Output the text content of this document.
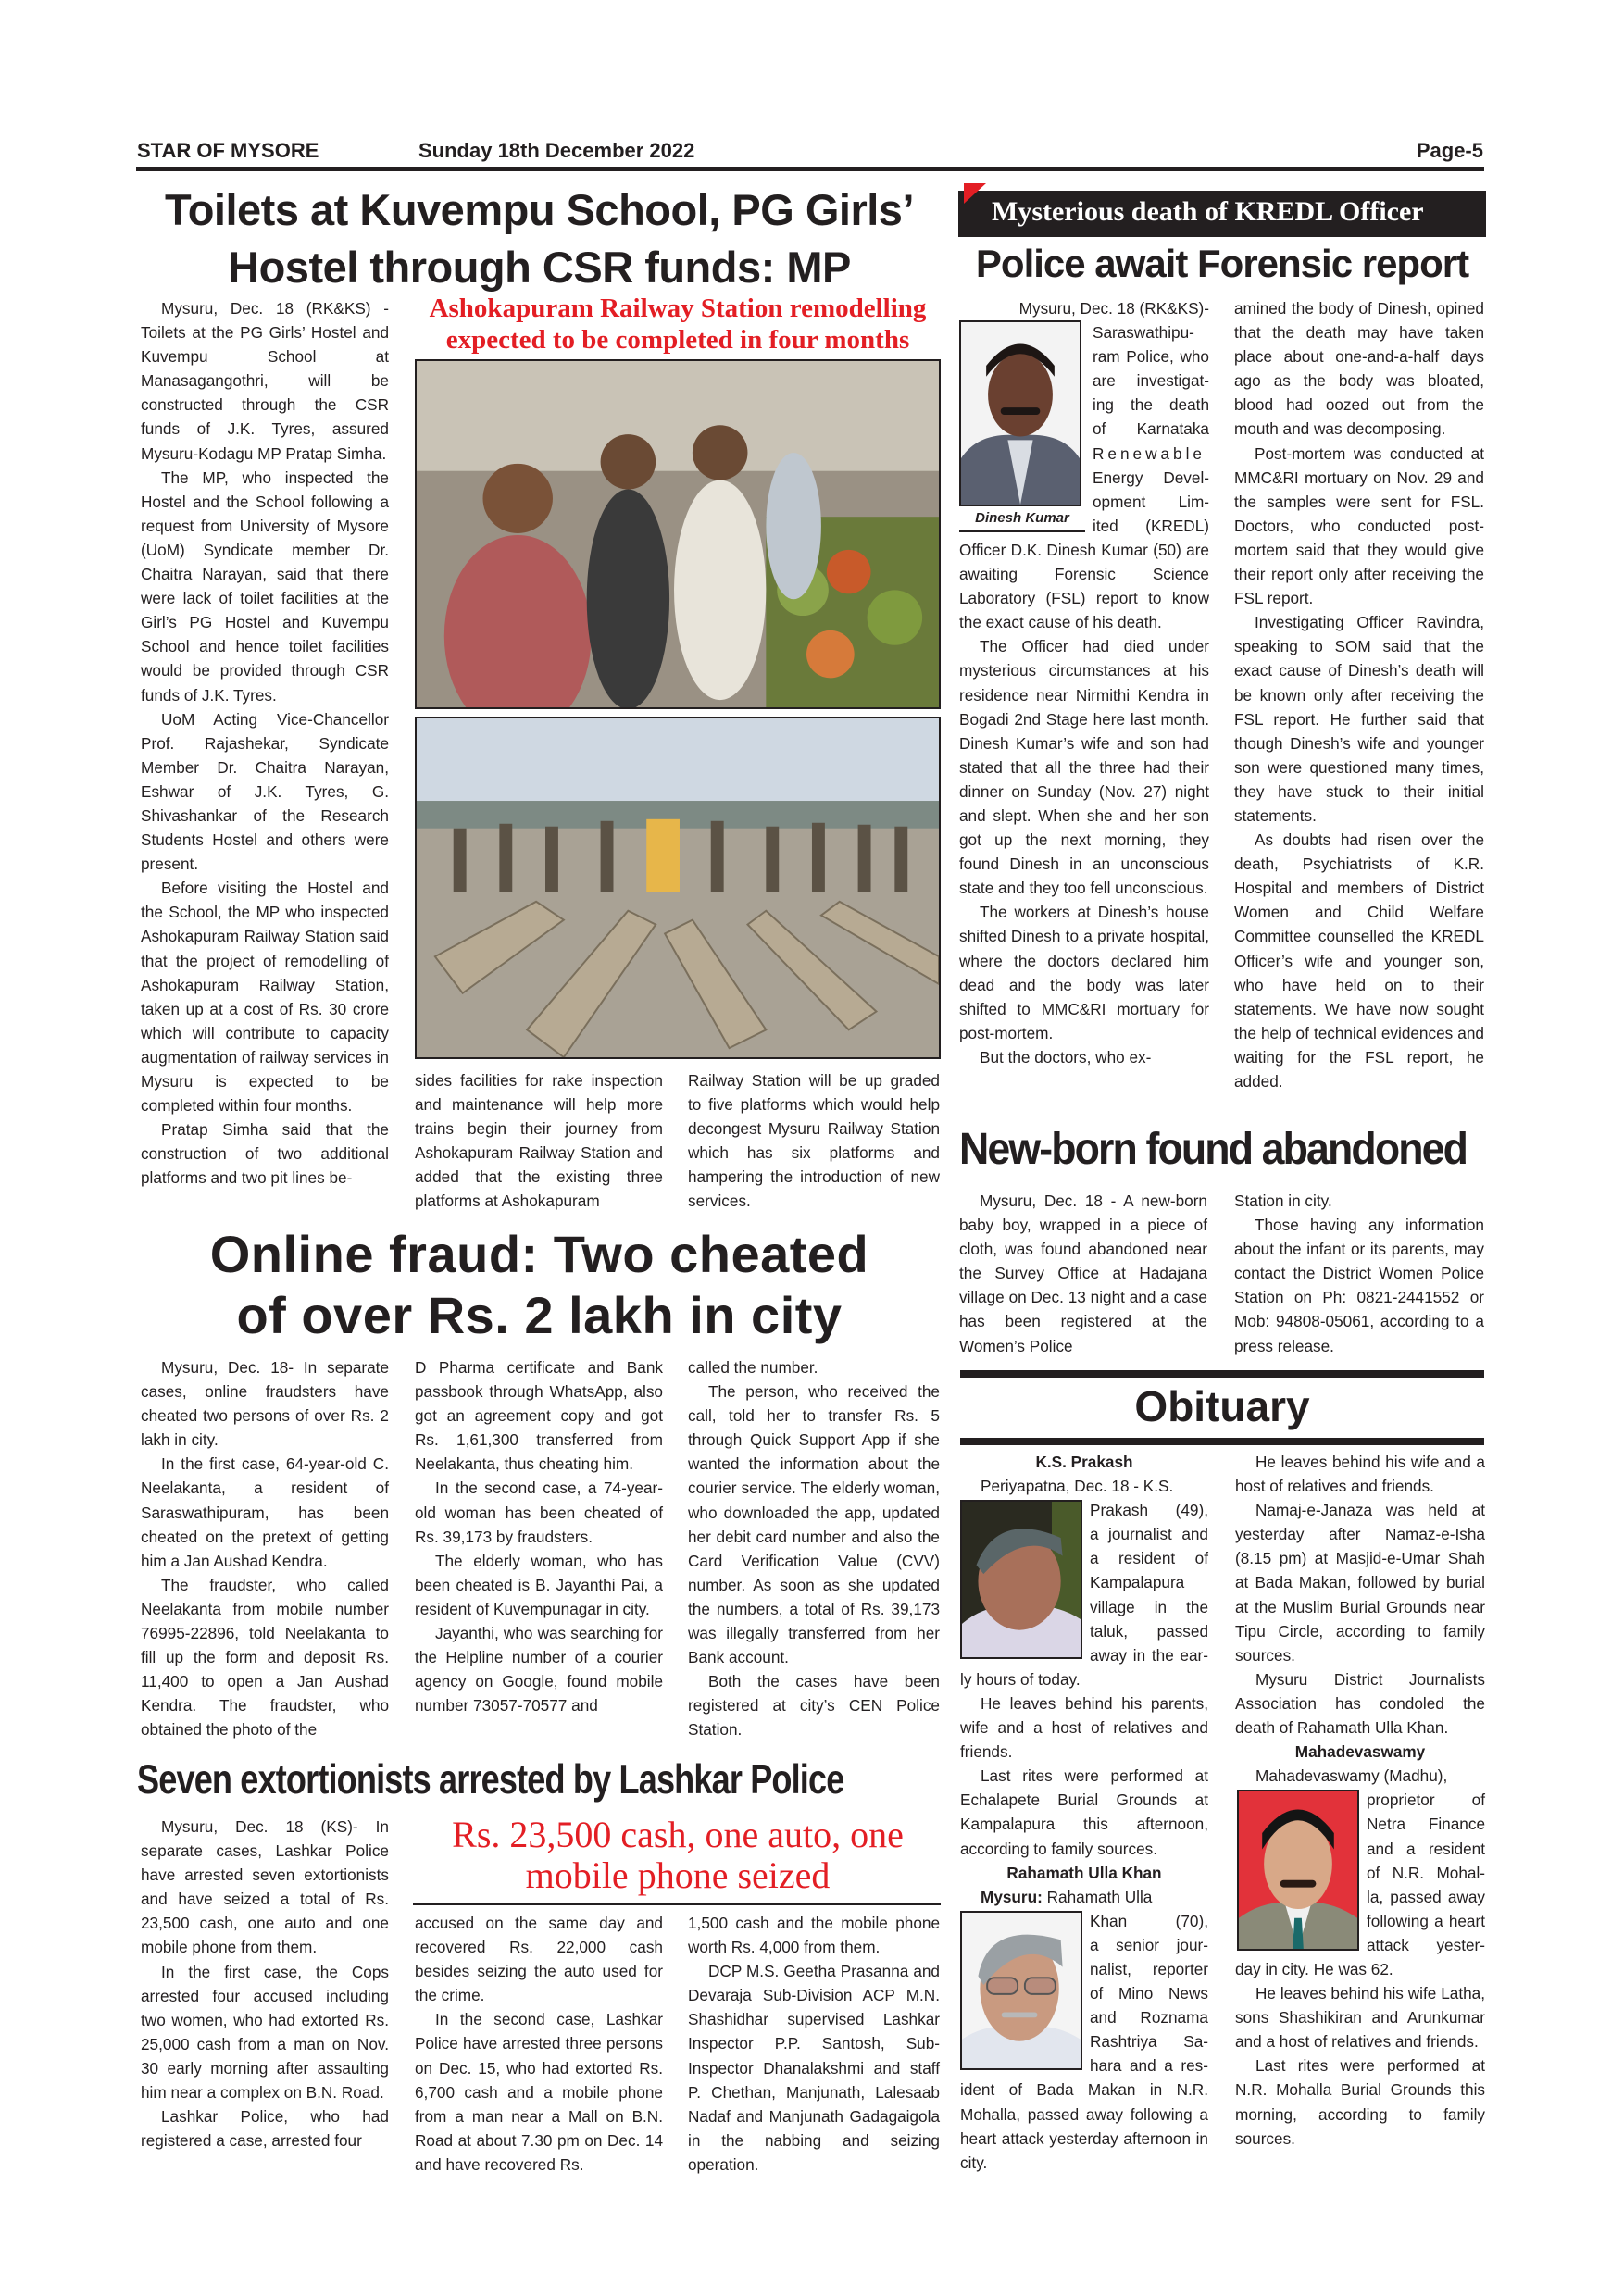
STAR OF MYSORE	Sunday 18th December 2022	Page-5
Toilets at Kuvempu School, PG Girls’
Hostel through CSR funds: MP

Mysuru, Dec. 18 (RK&KS) - Toilets at the PG Girls’ Hostel and Kuvempu School at Manasagangothri, will be constructed through the CSR funds of J.K. Tyres, assured Mysuru-Kodagu MP Pratap Simha.

The MP, who inspected the Hostel and the School following a request from University of Mysore (UoM) Syndicate member Dr. Chaitra Narayan, said that there were lack of toilet facilities at the Girl’s PG Hostel and Kuvempu School and hence toilet facilities would be provided through CSR funds of J.K. Tyres.

UoM Acting Vice-Chancellor Prof. Rajashekar, Syndicate Member Dr. Chaitra Narayan, Eshwar of J.K. Tyres, G. Shivashankar of the Research Students Hostel and others were present.

Before visiting the Hostel and the School, the MP who inspected Ashokapuram Railway Station said that the project of remodelling of Ashokapuram Railway Station, taken up at a cost of Rs. 30 crore which will contribute to capacity augmentation of railway services in Mysuru is expected to be completed within four months.

Pratap Simha said that the construction of two additional platforms and two pit lines be-

Ashokapuram Railway Station remodelling expected to be completed in four months
sides facilities for rake inspection and maintenance will help more trains begin their journey from Ashokapuram Railway Station and added that the existing three platforms at Ashokapuram
Railway Station will be up graded to five platforms which would help decongest Mysuru Railway Station which has six platforms and hampering the introduction of new services.
Mysterious death of KREDL Officer
Police await Forensic report

Mysuru, Dec. 18 (RK&KS)-

Dinesh Kumar
Saraswathipu-
ram Police, who
are investigat-
ing the death
of Karnataka
Renewable
Energy Devel-
opment Lim-
ited (KREDL)

Officer D.K. Dinesh Kumar (50) are awaiting Forensic Science Laboratory (FSL) report to know the exact cause of his death.

The Officer had died under mysterious circumstances at his residence near Nirmithi Kendra in Bogadi 2nd Stage here last month. Dinesh Kumar’s wife and son had stated that all the three had their dinner on Sunday (Nov. 27) night and slept. When she and her son got up the next morning, they found Dinesh in an unconscious state and they too fell unconscious.

The workers at Dinesh’s house shifted Dinesh to a private hospital, where the doctors declared him dead and the body was later shifted to MMC&RI mortuary for post-mortem.

But the doctors, who ex-

amined the body of Dinesh, opined that the death may have taken place about one-and-a-half days ago as the body was bloated, blood had oozed out from the mouth and was decomposing.

Post-mortem was conducted at MMC&RI mortuary on Nov. 29 and the samples were sent for FSL. Doctors, who conducted post-mortem said that they would give their report only after receiving the FSL report.

Investigating Officer Ravindra, speaking to SOM said that the exact cause of Dinesh’s death will be known only after receiving the FSL report. He further said that though Dinesh’s wife and younger son were questioned many times, they have stuck to their initial statements.

As doubts had risen over the death, Psychiatrists of K.R. Hospital and members of District Women and Child Welfare Committee counselled the KREDL Officer’s wife and younger son, who have held on to their statements. We have now sought the help of technical evidences and waiting for the FSL report, he added.

New-born found abandoned

Mysuru, Dec. 18 - A new-born baby boy, wrapped in a piece of cloth, was found abandoned near the Survey Office at Hadajana village on Dec. 13 night and a case has been registered at the Women’s Police

Station in city.

Those having any information about the infant or its parents, may contact the District Women Police Station on Ph: 0821-2441552 or Mob: 94808-05061, according to a press release.

Obituary
K.S. Prakash

Periyapatna, Dec. 18 - K.S.

Prakash (49),
a journalist and
a resident of
Kampalapura
village in the
taluk, passed
away in the ear-

ly hours of today.

He leaves behind his parents, wife and a host of relatives and friends.

Last rites were performed at Echalapete Burial Grounds at Kampalapura this afternoon, according to family sources.

Rahamath Ulla Khan

Mysuru: Rahamath Ulla

Khan (70),
a senior jour-
nalist, reporter
of Mino News
and Roznama
Rashtriya Sa-
hara and a res-

ident of Bada Makan in N.R. Mohalla, passed away following a heart attack yesterday afternoon in city.

He leaves behind his wife and a host of relatives and friends.

Namaj-e-Janaza was held at yesterday after Namaz-e-Isha (8.15 pm) at Masjid-e-Umar Shah at Bada Makan, followed by burial at the Muslim Burial Grounds near Tipu Circle, according to family sources.

Mysuru District Journalists Association has condoled the death of Rahamath Ulla Khan.

Mahadevaswamy

Mahadevaswamy (Madhu),

proprietor of
Netra Finance
and a resident
of N.R. Mohal-
la, passed away
following a heart
attack yester-

day in city. He was 62.

He leaves behind his wife Latha, sons Shashikiran and Arunkumar and a host of relatives and friends.

Last rites were performed at N.R. Mohalla Burial Grounds this morning, according to family sources.

Online fraud: Two cheated
of over Rs. 2 lakh in city

Mysuru, Dec. 18- In separate cases, online fraudsters have cheated two persons of over Rs. 2 lakh in city.

In the first case, 64-year-old C. Neelakanta, a resident of Saraswathipuram, has been cheated on the pretext of getting him a Jan Aushad Kendra.

The fraudster, who called Neelakanta from mobile number 76995-22896, told Neelakanta to fill up the form and deposit Rs. 11,400 to open a Jan Aushad Kendra. The fraudster, who obtained the photo of the

D Pharma certificate and Bank passbook through WhatsApp, also got an agreement copy and got Rs. 1,61,300 transferred from Neelakanta, thus cheating him.

In the second case, a 74-year-old woman has been cheated of Rs. 39,173 by fraudsters.

The elderly woman, who has been cheated is B. Jayanthi Pai, a resident of Kuvempunagar in city.

Jayanthi, who was searching for the Helpline number of a courier agency on Google, found mobile number 73057-70577 and

called the number.

The person, who received the call, told her to transfer Rs. 5 through Quick Support App if she wanted the information about the courier service. The elderly woman, who downloaded the app, updated her debit card number and also the Card Verification Value (CVV) number. As soon as she updated the numbers, a total of Rs. 39,173 was illegally transferred from her Bank account.

Both the cases have been registered at city’s CEN Police Station.

Seven extortionists arrested by Lashkar Police

Mysuru, Dec. 18 (KS)- In separate cases, Lashkar Police have arrested seven extortionists and have seized a total of Rs. 23,500 cash, one auto and one mobile phone from them.

In the first case, the Cops arrested four accused including two women, who had extorted Rs. 25,000 cash from a man on Nov. 30 early morning after assaulting him near a complex on B.N. Road.

Lashkar Police, who had registered a case, arrested four

Rs. 23,500 cash, one auto, one
mobile phone seized

accused on the same day and recovered Rs. 22,000 cash besides seizing the auto used for the crime.

In the second case, Lashkar Police have arrested three persons on Dec. 15, who had extorted Rs. 6,700 cash and a mobile phone from a man near a Mall on B.N. Road at about 7.30 pm on Dec. 14 and have recovered Rs.

1,500 cash and the mobile phone worth Rs. 4,000 from them.

DCP M.S. Geetha Prasanna and Devaraja Sub-Division ACP M.N. Shashidhar supervised Lashkar Inspector P.P. Santosh, Sub-Inspector Dhanalakshmi and staff P. Chethan, Manjunath, Lalesaab Nadaf and Manjunath Gadagaigola in the nabbing and seizing operation.
